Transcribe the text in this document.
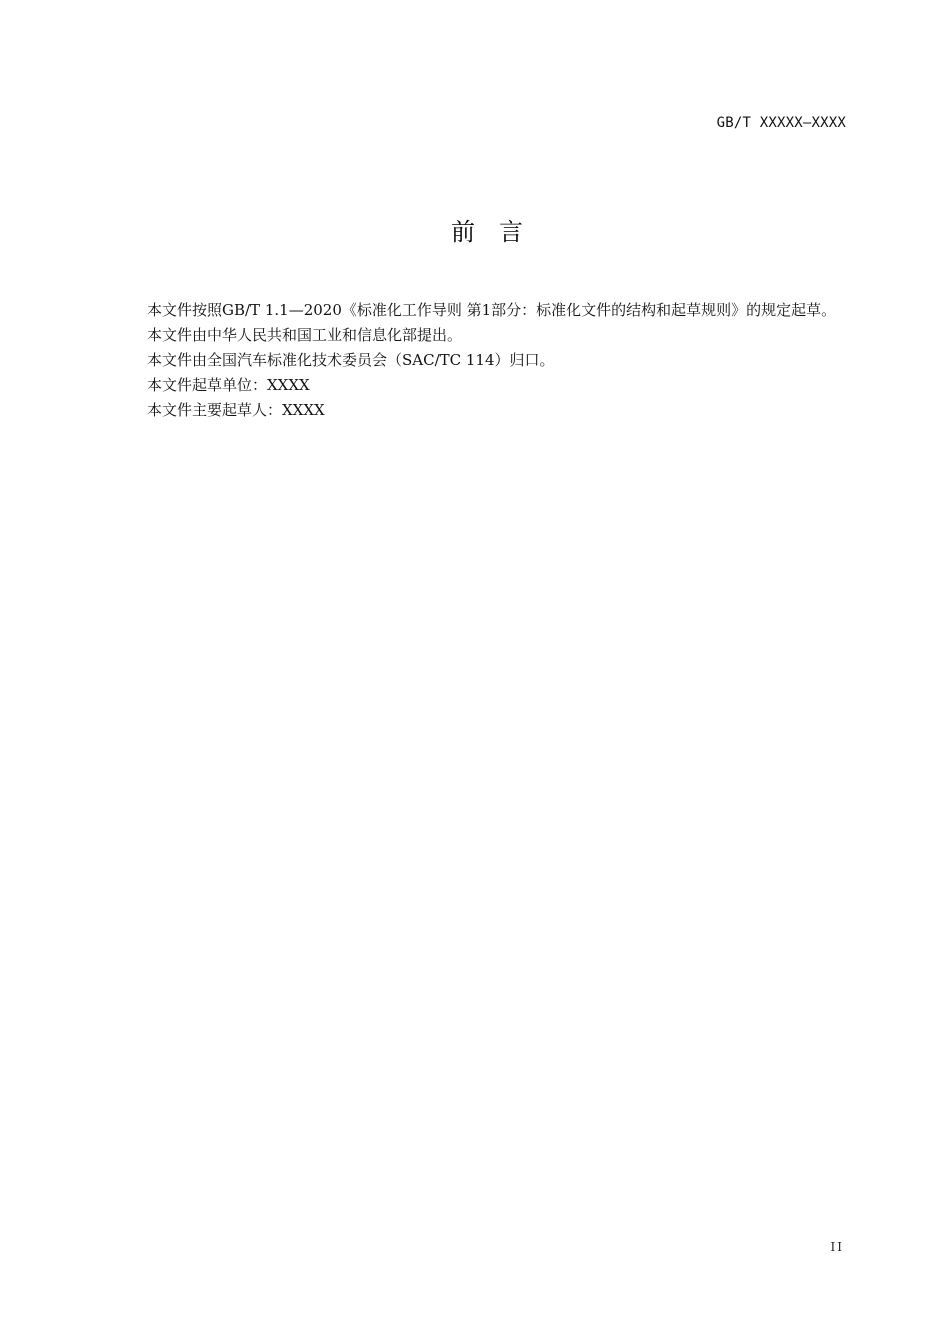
GB/T XXXXX—XXXX
前言

本文件按照GB/T 1.1—2020《标准化工作导则 第1部分：标准化文件的结构和起草规则》的规定起草。

本文件由中华人民共和国工业和信息化部提出。

本文件由全国汽车标准化技术委员会（SAC/TC 114）归口。

本文件起草单位：XXXX

本文件主要起草人：XXXX

II
